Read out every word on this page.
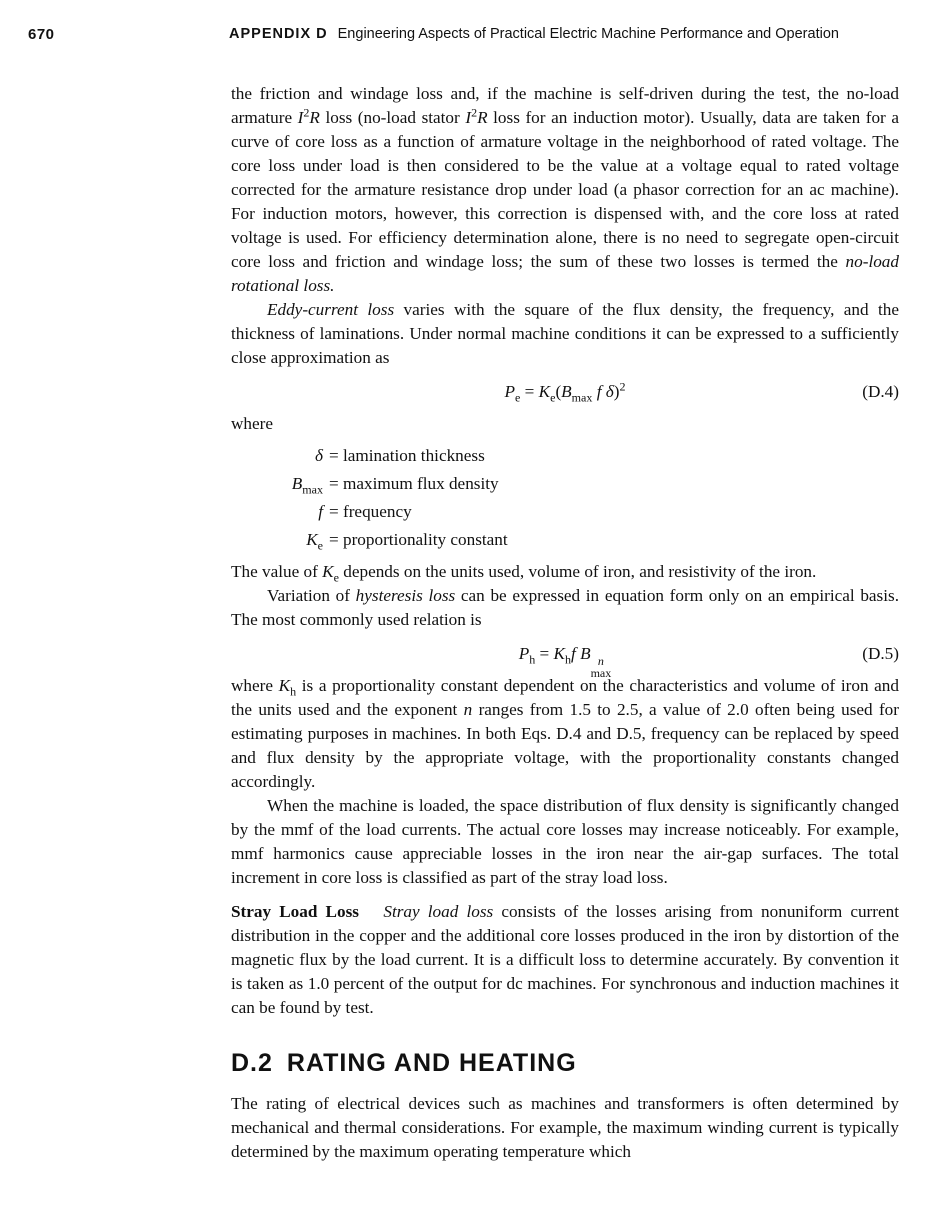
670	APPENDIX D Engineering Aspects of Practical Electric Machine Performance and Operation

the friction and windage loss and, if the machine is self-driven during the test, the no-load armature $I^2R$ loss (no-load stator $I^2R$ loss for an induction motor). Usually, data are taken for a curve of core loss as a function of armature voltage in the neighborhood of rated voltage. The core loss under load is then considered to be the value at a voltage equal to rated voltage corrected for the armature resistance drop under load (a phasor correction for an ac machine). For induction motors, however, this correction is dispensed with, and the core loss at rated voltage is used. For efficiency determination alone, there is no need to segregate open-circuit core loss and friction and windage loss; the sum of these two losses is termed the no-load rotational loss.

Eddy-current loss varies with the square of the flux density, the frequency, and the thickness of laminations. Under normal machine conditions it can be expressed to a sufficiently close approximation as

$P_e = K_e(B_{max}$ f δ)$^2$	(D.4)

where

δ = lamination thickness
$B_{max}$ = maximum flux density
f = frequency
$K_e$ = proportionality constant

The value of $K_e$ depends on the units used, volume of iron, and resistivity of the iron.

Variation of hysteresis loss can be expressed in equation form only on an empirical basis. The most commonly used relation is

$P_h = K_hf$ B n
max
(D.5)

where $K_h$ is a proportionality constant dependent on the characteristics and volume of iron and the units used and the exponent n ranges from 1.5 to 2.5, a value of 2.0 often being used for estimating purposes in machines. In both Eqs. D.4 and D.5, frequency can be replaced by speed and flux density by the appropriate voltage, with the proportionality constants changed accordingly.

When the machine is loaded, the space distribution of flux density is significantly changed by the mmf of the load currents. The actual core losses may increase noticeably. For example, mmf harmonics cause appreciable losses in the iron near the air-gap surfaces. The total increment in core loss is classified as part of the stray load loss.

Stray Load Loss Stray load loss consists of the losses arising from nonuniform current distribution in the copper and the additional core losses produced in the iron by distortion of the magnetic flux by the load current. It is a difficult loss to determine accurately. By convention it is taken as 1.0 percent of the output for dc machines. For synchronous and induction machines it can be found by test.

D.2 RATING AND HEATING

The rating of electrical devices such as machines and transformers is often determined by mechanical and thermal considerations. For example, the maximum winding current is typically determined by the maximum operating temperature which
